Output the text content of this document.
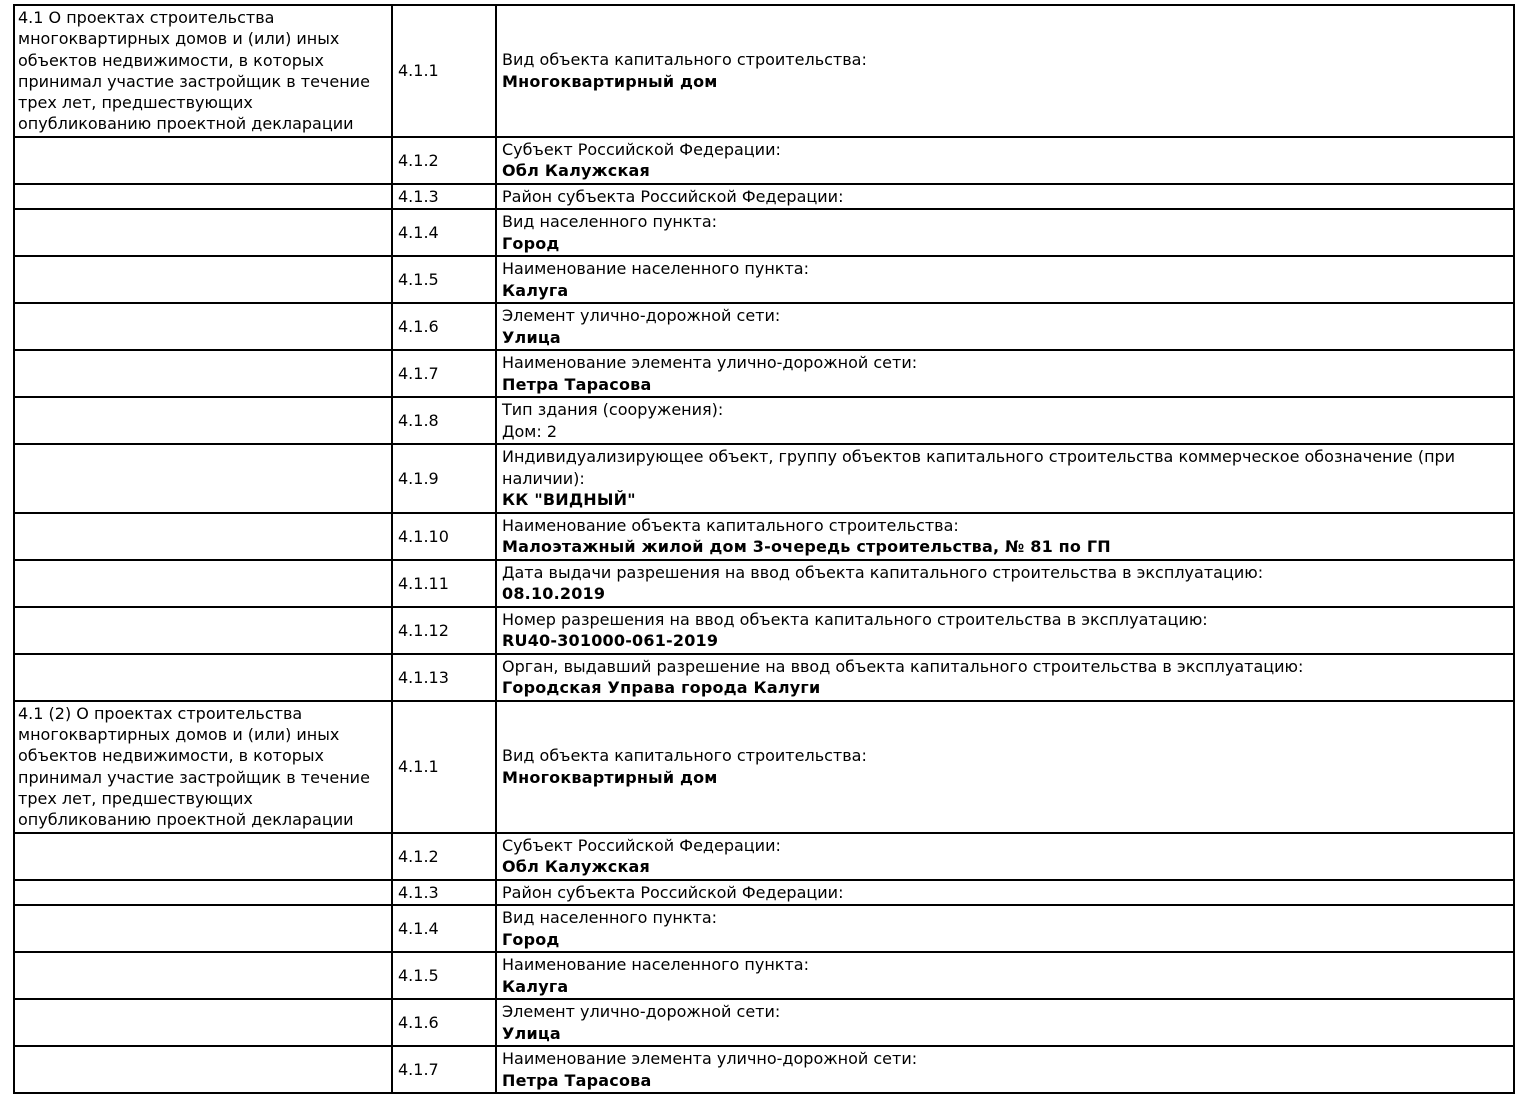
4.1 О проектах строительства многоквартирных домов и (или) иных объектов недвижимости, в которых принимал участие застройщик в течение трех лет, предшествующих опубликованию проектной декларации	4.1.1	Вид объекта капитального строительства:
Многоквартирный дом

	4.1.2	Субъект Российской Федерации:
Обл Калужская

	4.1.3	Район субъекта Российской Федерации:

	4.1.4	Вид населенного пункта:
Город

	4.1.5	Наименование населенного пункта:
Калуга

	4.1.6	Элемент улично-дорожной сети:
Улица

	4.1.7	Наименование элемента улично-дорожной сети:
Петра Тарасова

	4.1.8	Тип здания (сооружения):
Дом: 2

	4.1.9	Индивидуализирующее объект, группу объектов капитального строительства коммерческое обозначение (при наличии):
КК "ВИДНЫЙ"

	4.1.10	Наименование объекта капитального строительства:
Малоэтажный жилой дом 3-очередь строительства, № 81 по ГП

	4.1.11	Дата выдачи разрешения на ввод объекта капитального строительства в эксплуатацию:
08.10.2019

	4.1.12	Номер разрешения на ввод объекта капитального строительства в эксплуатацию:
RU40-301000-061-2019

	4.1.13	Орган, выдавший разрешение на ввод объекта капитального строительства в эксплуатацию:
Городская Управа города Калуги

4.1 (2) О проектах строительства многоквартирных домов и (или) иных объектов недвижимости, в которых принимал участие застройщик в течение трех лет, предшествующих опубликованию проектной декларации	4.1.1	Вид объекта капитального строительства:
Многоквартирный дом

	4.1.2	Субъект Российской Федерации:
Обл Калужская

	4.1.3	Район субъекта Российской Федерации:

	4.1.4	Вид населенного пункта:
Город

	4.1.5	Наименование населенного пункта:
Калуга

	4.1.6	Элемент улично-дорожной сети:
Улица

	4.1.7	Наименование элемента улично-дорожной сети:
Петра Тарасова
